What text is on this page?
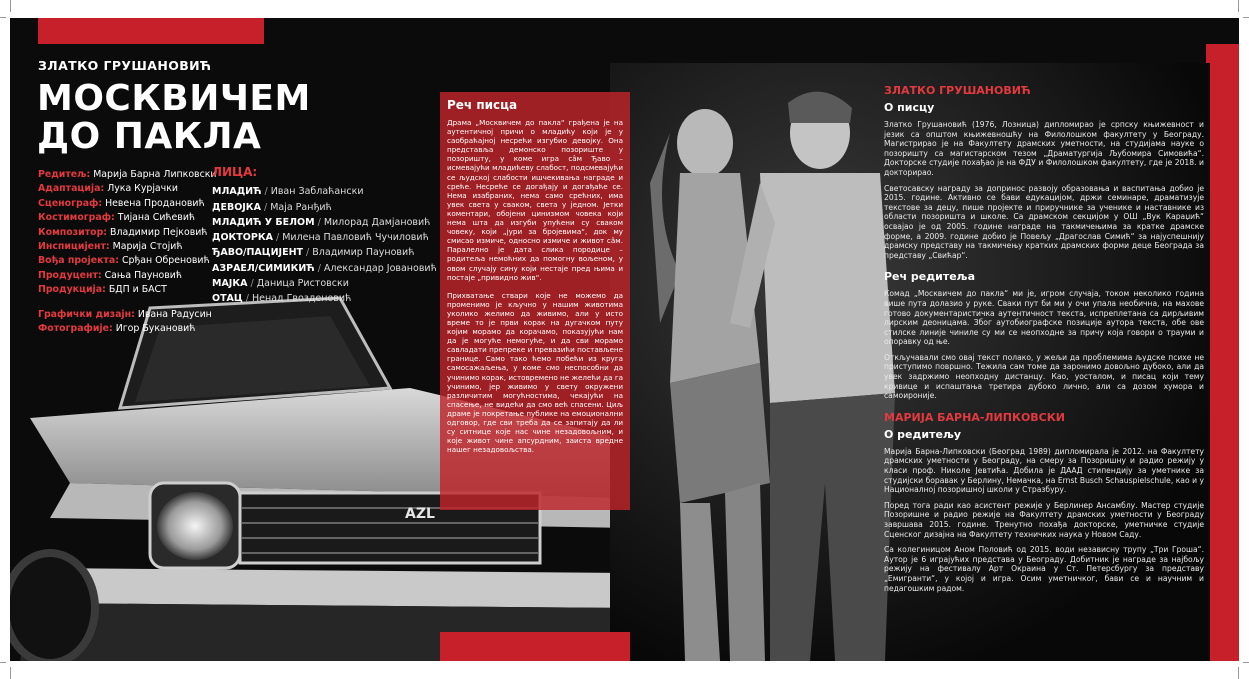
AZL
ЗЛАТКО ГРУШАНОВИЋ
МОСКВИЧЕМ
ДО ПАКЛА
Редитељ: Марија Барна Липковски
Адаптација: Лука Курјачки
Сценограф: Невена Продановић
Костимограф: Тијана Сићевић
Композитор: Владимир Пејковић
Инспицијент: Марија Стојић
Вођа пројекта: Срђан Обреновић
Продуцент: Сања Пауновић
Продукција: БДП и БАСТ
Графички дизајн: Ивана Радусин
Фотографије: Игор Букановић
ЛИЦА:
МЛАДИЋ / Иван Заблаћански
ДЕВОЈКА / Маја Ранђић
МЛАДИЋ У БЕЛОМ / Милорад Дамјановић
ДОКТОРКА / Милена Павловић Чучиловић
ЂАВО/ПАЦИЈЕНТ / Владимир Пауновић
АЗРАЕЛ/СИМИКИЋ / Александар Јовановић
МАЈКА / Даница Ристовски
ОТАЦ / Ненад Гвозденовић
Реч писца

Драма „Москвичем до пакла“ грађена је на аутентичној причи о младићу који је у саобраћајној несрећи изгубио девојку. Она представља демонско позориште у позоришту, у коме игра сâм Ђаво – исмевајући младићеву слабост, подсмевајући се људској слабости ишчекивања награде и среће. Несреће се догађају и догађаће се. Нема изабраних, нема само срећних, има увек света у сваком, света у једном. Јетки коментари, обојени цинизмом човека који нема шта да изгуби упућени су сваком човеку, који „јури за бројевима“, док му смисао измиче, односно измиче и живот сâм. Паралелно је дата слика породице – родитеља немоћних да помогну вољеном, у овом случају сину који нестаје пред њима и постаје „привидно жив“.

Прихватање ствари које не можемо да променимо је кључно у нашим животима уколико желимо да живимо, али у исто време то је први корак на дугачком путу којим морамо да корачамо, показујући нам да је могуће немогуће, и да сви морамо савладати препреке и превазићи постављене границе. Само тако ћемо побећи из круга самосажаљења, у коме смо неспособни да учинимо корак, истовремено не желећи да га учинимо, јер живимо у свету окружени различитим могућностима, чекајући на спасење, не видећи да смо већ спасени. Циљ драме је покретање публике на емоционални одговор, где сви треба да се запитају да ли су ситнице које нас чине незадовољним, и које живот чине апсурдним, заиста вредне нашег незадовољства.

ЗЛАТКО ГРУШАНОВИЋ
О писцу

Златко Грушановић (1976, Лозница) дипломирао је српску књижевност и језик са општом књижевношћу на Филолошком факултету у Београду. Магистрирао је на Факултету драмских уметности, на студијама науке о позоришту са магистарском тезом „Драматургија Љубомира Симовића“. Докторске студије похађао је на ФДУ и Филолошком факултету, где је 2018. и докторирао.

Светосавску награду за допринос развоју образовања и васпитања добио је 2015. године. Активно се бави едукацијом, држи семинаре, драматизује текстове за децу, пише пројекте и приручнике за ученике и наставнике из области позоришта и школе. Са драмском секцијом у ОШ „Вук Караџић“ освајао је од 2005. године награде на такмичењима за кратке драмске форме, а 2009. године добио је Повељу „Драгослав Симић“ за најуспешнију драмску представу на такмичењу кратких драмских форми деце Београда за представу „Свићар“.

Реч редитеља

Комад „Москвичем до пакла“ ми је, игром случаја, током неколико година више пута долазио у руке. Сваки пут би ми у очи упала необична, на махове готово документаристичка аутентичност текста, испреплетана са дирљивим лирским деоницама. Због аутобиографске позиције аутора текста, обе ове стилске линије чиниле су ми се неопходне за причу која говори о трауми и опоравку од ње.

Откључавали смо овај текст полако, у жељи да проблемима људске психе не приступимо површно. Тежила сам томе да заронимо довољно дубоко, али да увек задржимо неопходну дистанцу. Као, уосталом, и писац који тему кривице и испаштања третира дубоко лично, али са дозом хумора и самоиронијe.

МАРИЈА БАРНА-ЛИПКОВСКИ
О редитељу

Марија Барна-Липковски (Београд 1989) дипломирала је 2012. на Факултету драмских уметности у Београду, на смеру за Позоришну и радио режију у класи проф. Николе Јевтића. Добила је ДААД стипендију за уметнике за студијски боравак у Берлину, Немачка, на Ernst Busch Schauspielschule, као и у Националној позоришној школи у Стразбуру.

Поред тога ради као асистент режије у Берлинер Ансамблу. Мастер студије Позоришне и радио режије на Факултету драмских уметности у Београду завршава 2015. године. Тренутно похађа докторске, уметничке студије Сценског дизајна на Факултету техничких наука у Новом Саду.

Са колегиницом Аном Половић од 2015. води независну трупу „Три Гроша“. Аутор је 6 играјућих представа у Београду. Добитник је награде за најбољу режију на фестивалу Арт Окраина у Ст. Петерсбургу за представу „Емигранти“, у којој и игра. Осим уметничког, бави се и научним и педагошким радом.
